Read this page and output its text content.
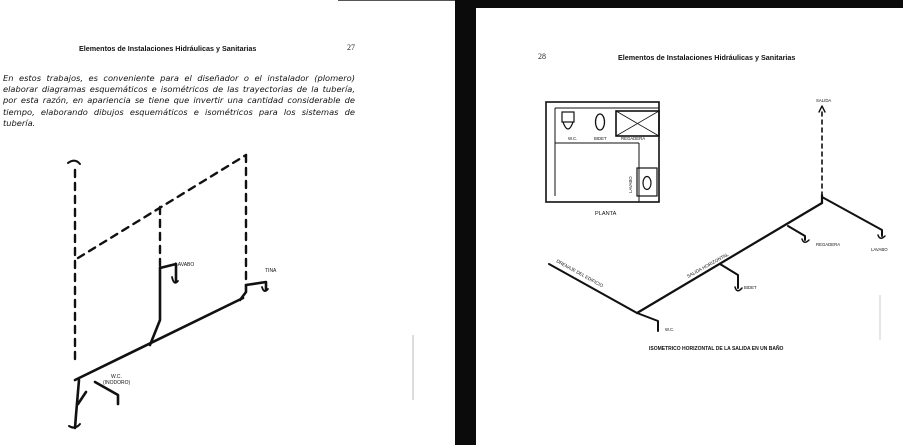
Elementos de Instalaciones Hidráulicas y Sanitarias	27

En estos trabajos, es conveniente para el diseñador o el instalador (plomero) elaborar diagramas esquemáticos e isométricos de las trayectorias de la tubería, por esta razón, en apariencia se tiene que invertir una cantidad considerable de tiempo, elaborando dibujos esquemáticos e isométricos para los sistemas de tubería.

LAVABO
TINA
W.C.
(INODORO)
28	Elementos de Instalaciones Hidráulicas y Sanitarias
W.C.	BIDET	REGADERA
LAVABO
PLANTA
SALIDA
REGADERA
LAVABO
SALIDA HORIZONTAL
DRENAJE DEL EDIFICIO	BIDET
W.C.
ISOMETRICO HORIZONTAL DE LA SALIDA EN UN BAÑO
